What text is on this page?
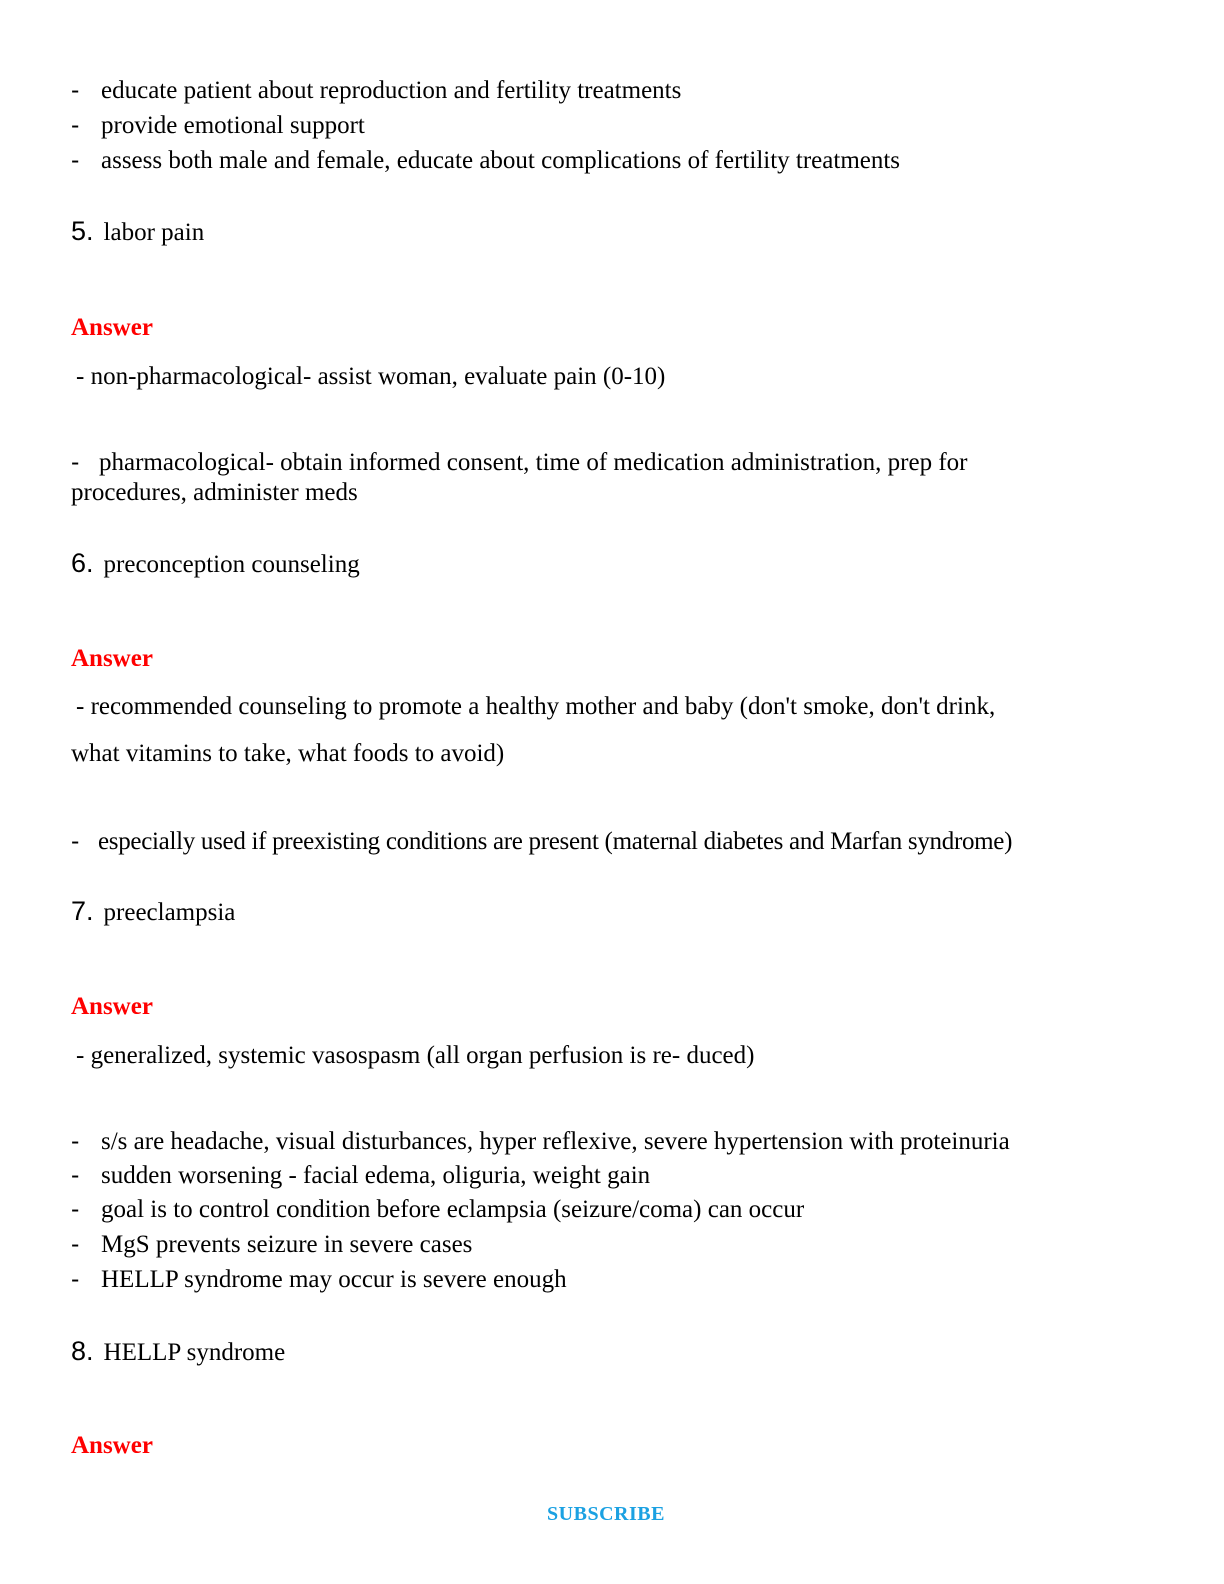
- educate patient about reproduction and fertility treatments
- provide emotional support
- assess both male and female, educate about complications of fertility treatments
5. labor pain
Answer
- non-pharmacological- assist woman, evaluate pain (0-10)
- pharmacological- obtain informed consent, time of medication administration, prep for
procedures, administer meds
6. preconception counseling
Answer
- recommended counseling to promote a healthy mother and baby (don't smoke, don't drink,
what vitamins to take, what foods to avoid)
- especially used if preexisting conditions are present (maternal diabetes and Marfan syndrome)
7. preeclampsia
Answer
- generalized, systemic vasospasm (all organ perfusion is re- duced)
- s/s are headache, visual disturbances, hyper reflexive, severe hypertension with proteinuria
- sudden worsening - facial edema, oliguria, weight gain
- goal is to control condition before eclampsia (seizure/coma) can occur
- MgS prevents seizure in severe cases
- HELLP syndrome may occur is severe enough
8. HELLP syndrome
Answer
SUBSCRIBE
